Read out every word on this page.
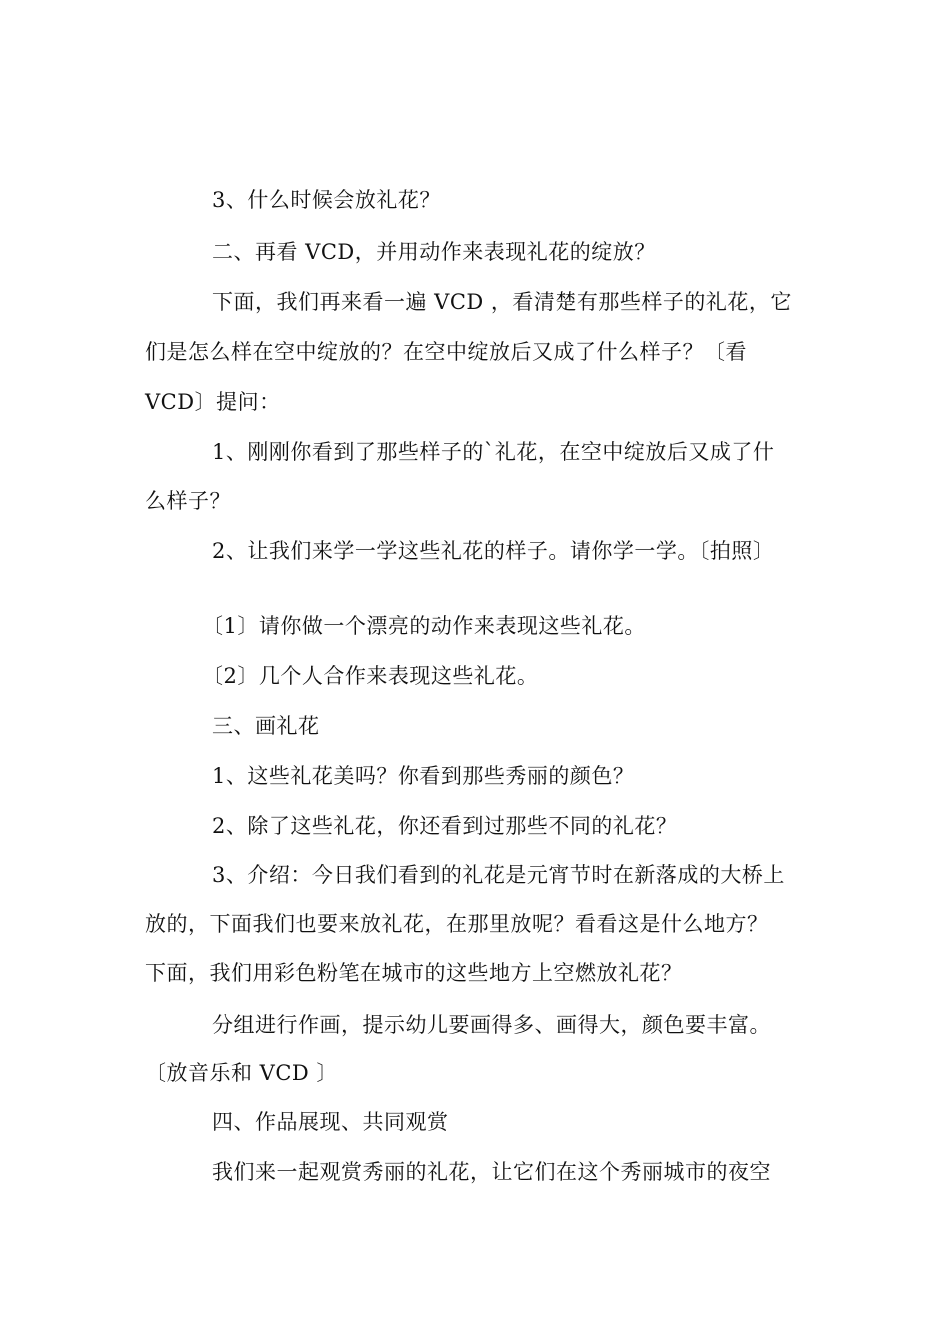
3、什么时候会放礼花？
二、再看 VCD，并用动作来表现礼花的绽放？
下面，我们再来看一遍 VCD ，看清楚有那些样子的礼花，它
们是怎么样在空中绽放的？在空中绽放后又成了什么样子？〔看
VCD〕提问：
1、刚刚你看到了那些样子的`礼花，在空中绽放后又成了什
么样子？
2、让我们来学一学这些礼花的样子。请你学一学。〔拍照〕
〔1〕请你做一个漂亮的动作来表现这些礼花。
〔2〕几个人合作来表现这些礼花。
三、画礼花
1、这些礼花美吗？你看到那些秀丽的颜色？
2、除了这些礼花，你还看到过那些不同的礼花？
3、介绍：今日我们看到的礼花是元宵节时在新落成的大桥上
放的，下面我们也要来放礼花，在那里放呢？看看这是什么地方？
下面，我们用彩色粉笔在城市的这些地方上空燃放礼花？
分组进行作画，提示幼儿要画得多、画得大，颜色要丰富。
〔放音乐和 VCD 〕
四、作品展现、共同观赏
我们来一起观赏秀丽的礼花，让它们在这个秀丽城市的夜空
